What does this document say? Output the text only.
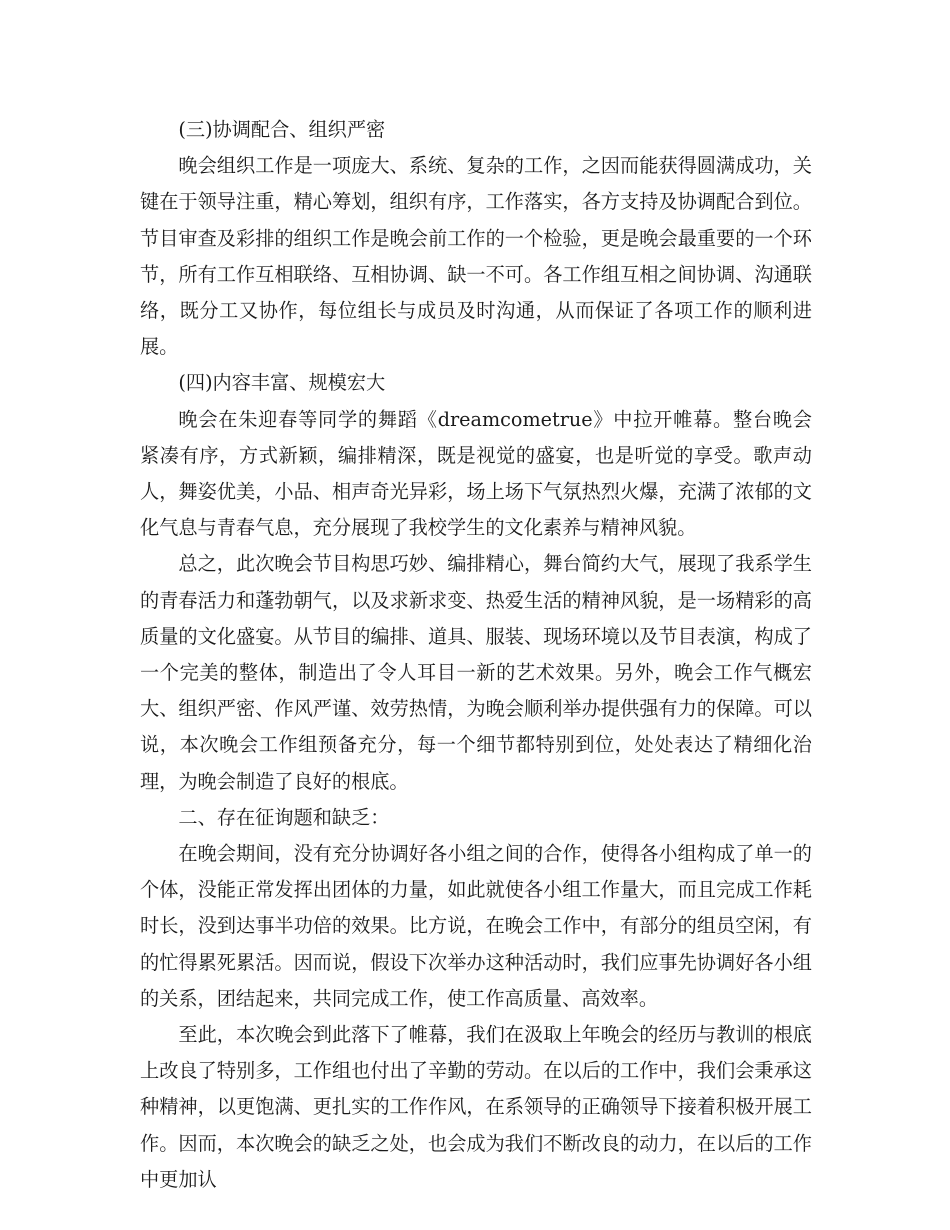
(三)协调配合、组织严密

晚会组织工作是一项庞大、系统、复杂的工作，之因而能获得圆满成功，关键在于领导注重，精心筹划，组织有序，工作落实，各方支持及协调配合到位。节目审查及彩排的组织工作是晚会前工作的一个检验，更是晚会最重要的一个环节，所有工作互相联络、互相协调、缺一不可。各工作组互相之间协调、沟通联络，既分工又协作，每位组长与成员及时沟通，从而保证了各项工作的顺利进展。

(四)内容丰富、规模宏大

晚会在朱迎春等同学的舞蹈《dreamcometrue》中拉开帷幕。整台晚会紧凑有序，方式新颖，编排精深，既是视觉的盛宴，也是听觉的享受。歌声动人，舞姿优美，小品、相声奇光异彩，场上场下气氛热烈火爆，充满了浓郁的文化气息与青春气息，充分展现了我校学生的文化素养与精神风貌。

总之，此次晚会节目构思巧妙、编排精心，舞台简约大气，展现了我系学生的青春活力和蓬勃朝气，以及求新求变、热爱生活的精神风貌，是一场精彩的高质量的文化盛宴。从节目的编排、道具、服装、现场环境以及节目表演，构成了一个完美的整体，制造出了令人耳目一新的艺术效果。另外，晚会工作气概宏大、组织严密、作风严谨、效劳热情，为晚会顺利举办提供强有力的保障。可以说，本次晚会工作组预备充分，每一个细节都特别到位，处处表达了精细化治理，为晚会制造了良好的根底。

二、存在征询题和缺乏：

在晚会期间，没有充分协调好各小组之间的合作，使得各小组构成了单一的个体，没能正常发挥出团体的力量，如此就使各小组工作量大，而且完成工作耗时长，没到达事半功倍的效果。比方说，在晚会工作中，有部分的组员空闲，有的忙得累死累活。因而说，假设下次举办这种活动时，我们应事先协调好各小组的关系，团结起来，共同完成工作，使工作高质量、高效率。

至此，本次晚会到此落下了帷幕，我们在汲取上年晚会的经历与教训的根底上改良了特别多，工作组也付出了辛勤的劳动。在以后的工作中，我们会秉承这种精神，以更饱满、更扎实的工作作风，在系领导的正确领导下接着积极开展工作。因而，本次晚会的缺乏之处，也会成为我们不断改良的动力，在以后的工作中更加认
